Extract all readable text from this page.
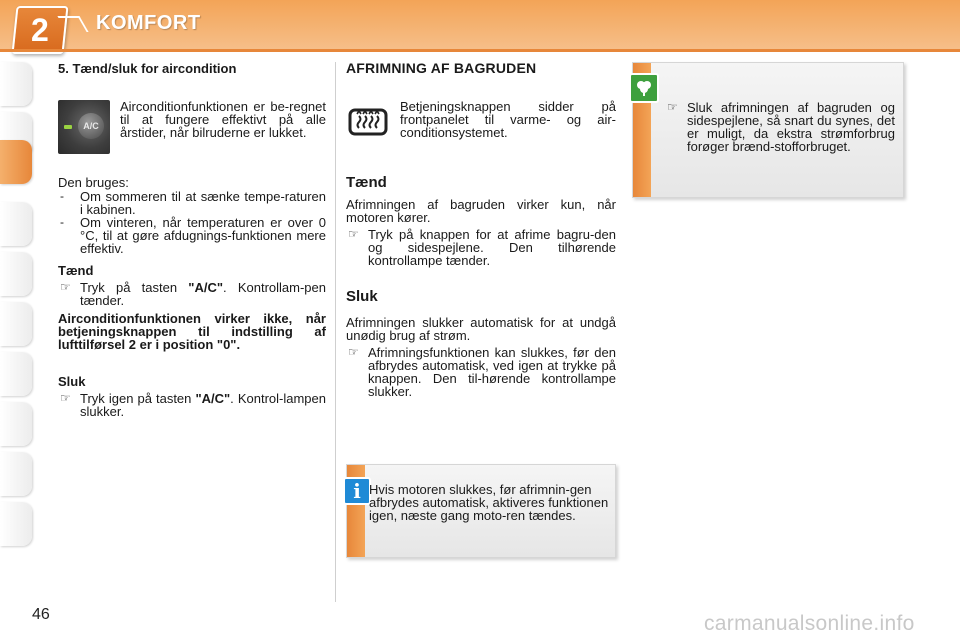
2 KOMFORT

5. Tænd/sluk for aircondition

A/C

Airconditionfunktionen er be-regnet til at fungere effektivt på alle årstider, når bilruderne er lukket.

Den bruges:

- Om sommeren til at sænke tempe-raturen i kabinen.
- Om vinteren, når temperaturen er over 0 °C, til at gøre afdugnings-funktionen mere effektiv.

Tænd

☞ Tryk på tasten "A/C". Kontrollam-pen tænder.

Airconditionfunktionen virker ikke, når betjeningsknappen til indstilling af lufttilførsel 2 er i position "0".

Sluk

☞ Tryk igen på tasten "A/C". Kontrol-lampen slukker.

AFRIMNING AF BAGRUDEN

Betjeningsknappen sidder på frontpanelet til varme- og air-conditionsystemet.

Tænd

Afrimningen af bagruden virker kun, når motoren kører.

☞ Tryk på knappen for at afrime bagru-den og sidespejlene. Den tilhørende kontrollampe tænder.

Sluk

Afrimningen slukker automatisk for at undgå unødig brug af strøm.

☞ Afrimningsfunktionen kan slukkes, før den afbrydes automatisk, ved igen at trykke på knappen. Den til-hørende kontrollampe slukker.
☞ Sluk afrimningen af bagruden og sidespejlene, så snart du synes, det er muligt, da ekstra strømforbrug forøger brænd-stofforbruget.
i Hvis motoren slukkes, før afrimnin-gen afbrydes automatisk, aktiveres funktionen igen, næste gang moto-ren tændes.

46	carmanualsonline.info
